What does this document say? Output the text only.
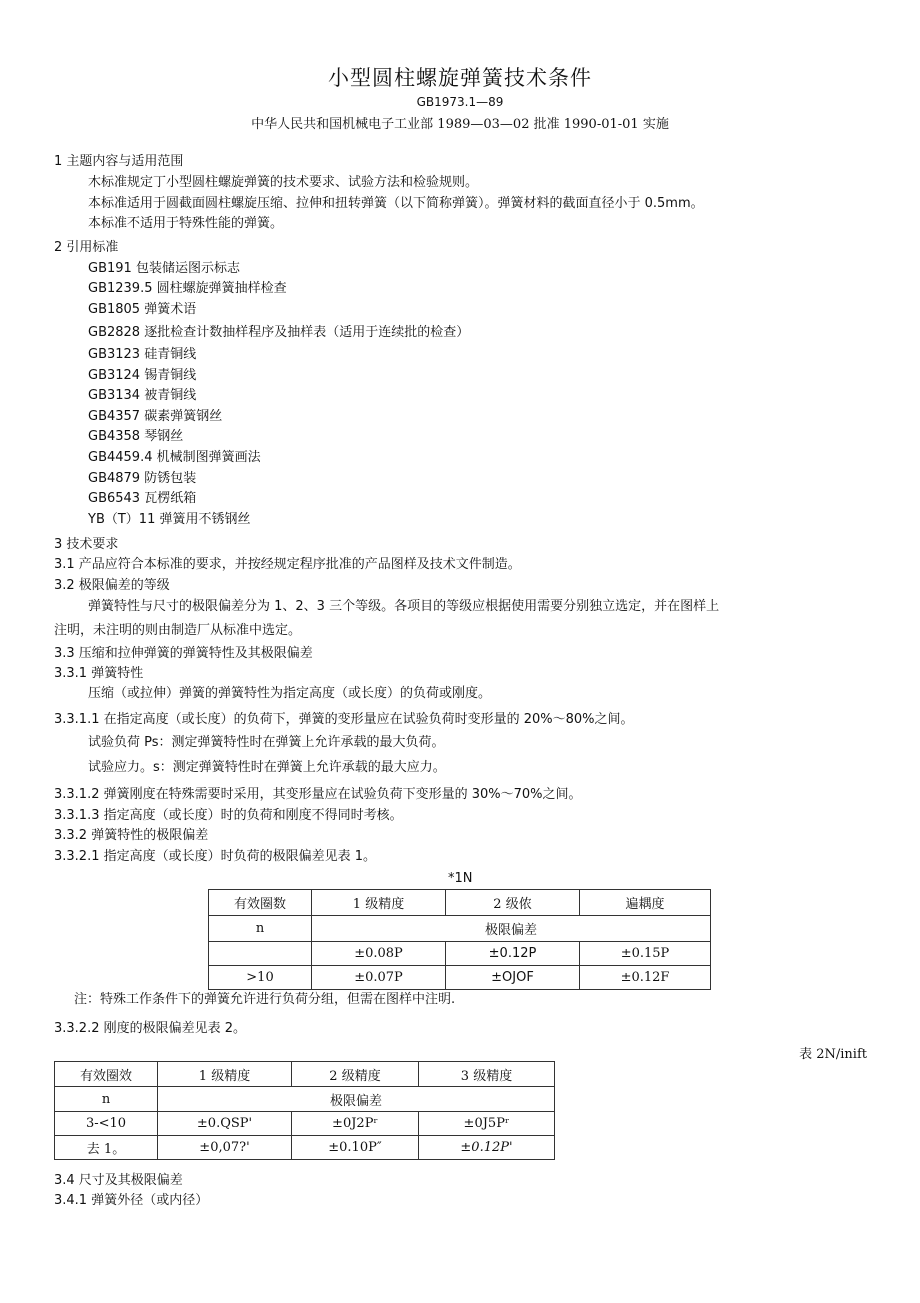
小型圆柱螺旋弹簧技术条件
GB1973.1—89
中华人民共和国机械电子工业部 1989—03—02 批准 1990-01-01 实施
1 主题内容与适用范围
木标准规定丁小型圆柱螺旋弹簧的技术要求、试验方法和检验规则。
本标准适用于圆截面圆柱螺旋压缩、拉伸和扭转弹簧（以下简称弹簧）。弹簧材料的截面直径小于 0.5mm。
本标准不适用于特殊性能的弹簧。
2 引用标准
GB191 包装储运图示标志
GB1239.5 圆柱螺旋弹簧抽样检查
GB1805 弹簧术语
GB2828 逐批检查计数抽样程序及抽样表（适用于连续批的检查）
GB3123 硅青铜线
GB3124 锡青铜线
GB3134 被青铜线
GB4357 碳素弹簧钢丝
GB4358 琴钢丝
GB4459.4 机械制图弹簧画法
GB4879 防锈包装
GB6543 瓦楞纸箱
YB（T）11 弹簧用不锈钢丝
3 技术要求
3.1 产品应符合本标准的要求，并按经规定程序批准的产品图样及技术文件制造。
3.2 极限偏差的等级
弹簧特性与尺寸的极限偏差分为 1、2、3 三个等级。各项目的等级应根据使用需要分别独立选定，并在图样上
注明，未注明的则由制造厂从标准中选定。
3.3 压缩和拉伸弹簧的弹簧特性及其极限偏差
3.3.1 弹簧特性
压缩（或拉伸）弹簧的弹簧特性为指定高度（或长度）的负荷或刚度。
3.3.1.1 在指定高度（或长度）的负荷下，弹簧的变形量应在试验负荷时变形量的 20%～80%之间。
试验负荷 Ps：测定弹簧特性时在弹簧上允许承载的最大负荷。
试验应力。s：测定弹簧特性时在弹簧上允许承载的最大应力。
3.3.1.2 弹簧刚度在特殊需要时采用，其变形量应在试验负荷下变形量的 30%～70%之间。
3.3.1.3 指定高度（或长度）时的负荷和刚度不得同时考核。
3.3.2 弹簧特性的极限偏差
3.3.2.1 指定高度（或长度）时负荷的极限偏差见表 1。
*1N
有效圈数	1 级精度	2 级侬	遍耦度
n	极限偏差		
	±0.08P	±0.12P	±0.15P
>10	±0.07P	±OJOF	±0.12F
注：特殊工作条件下的弹簧允许进行负荷分组，但需在图样中注明.
3.3.2.2 刚度的极限偏差见表 2。
表 2N/inift
有效圈效	1 级精度	2 级精度	3 级精度
n	极限偏差		
3-<10	±0.QSP'	±0J2Pʳ	±0J5Pʳ
去 1。	±0,07?'	±0.10P″	±0.12P'
3.4 尺寸及其极限偏差
3.4.1 弹簧外径（或内径）
